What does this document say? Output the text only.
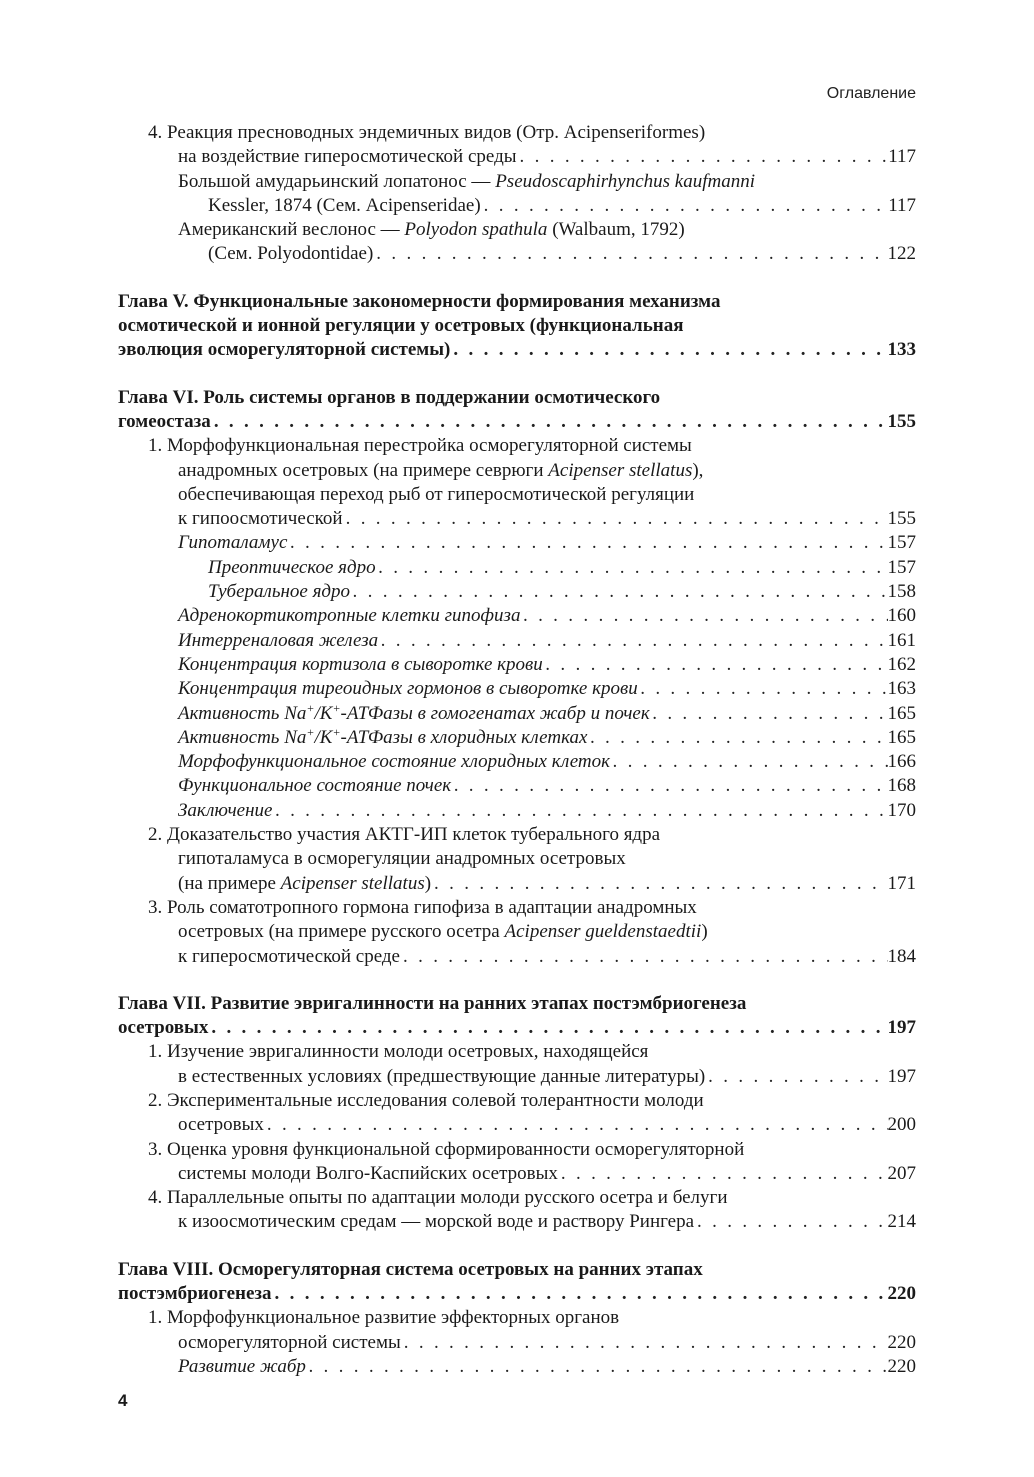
Оглавление
4. Реакция пресноводных эндемичных видов (Отр. Acipenseriformes)
на воздействие гиперосмотической среды . . .	117
Большой амударьинский лопатонос — Pseudoscaphirhynchus kaufmanni
Kessler, 1874 (Сем. Acipenseridae) . . .	117
Американский веслонос — Polyodon spathula (Walbaum, 1792)
(Сем. Polyodontidae) . . .	122
Глава V. Функциональные закономерности формирования механизма
осмотической и ионной регуляции у осетровых (функциональная
эволюция осморегуляторной системы) . . .	133
Глава VI. Роль системы органов в поддержании осмотического
гомеостаза . . .	155
1. Морфофункциональная перестройка осморегуляторной системы
анадромных осетровых (на примере севрюги Acipenser stellatus),
обеспечивающая переход рыб от гиперосмотической регуляции
к гипоосмотической . . .	155
Гипоталамус . . .	157
Преоптическое ядро . . .	157
Туберальное ядро . . .	158
Адренокортикотропные клетки гипофиза . . .	160
Интерреналовая железа . . .	161
Концентрация кортизола в сыворотке крови . . .	162
Концентрация тиреоидных гормонов в сыворотке крови . . .	163
Активность Na+/K+-АТФазы в гомогенатах жабр и почек . . .	165
Активность Na+/K+-АТФазы в хлоридных клетках . . .	165
Морфофункциональное состояние хлоридных клеток . . .	166
Функциональное состояние почек . . .	168
Заключение . . .	170
2. Доказательство участия АКТГ-ИП клеток туберального ядра
гипоталамуса в осморегуляции анадромных осетровых
(на примере Acipenser stellatus) . . .	171
3. Роль соматотропного гормона гипофиза в адаптации анадромных
осетровых (на примере русского осетра Acipenser gueldenstaedtii)
к гиперосмотической среде . . .	184
Глава VII. Развитие эвригалинности на ранних этапах постэмбриогенеза
осетровых . . .	197
1. Изучение эвригалинности молоди осетровых, находящейся
в естественных условиях (предшествующие данные литературы) . . .	197
2. Экспериментальные исследования солевой толерантности молоди
осетровых . . .	200
3. Оценка уровня функциональной сформированности осморегуляторной
системы молоди Волго-Каспийских осетровых . . .	207
4. Параллельные опыты по адаптации молоди русского осетра и белуги
к изоосмотическим средам — морской воде и раствору Рингера . . .	214
Глава VIII. Осморегуляторная система осетровых на ранних этапах
постэмбриогенеза . . .	220
1. Морфофункциональное развитие эффекторных органов
осморегуляторной системы . . .	220
Развитие жабр . . .	220
4
